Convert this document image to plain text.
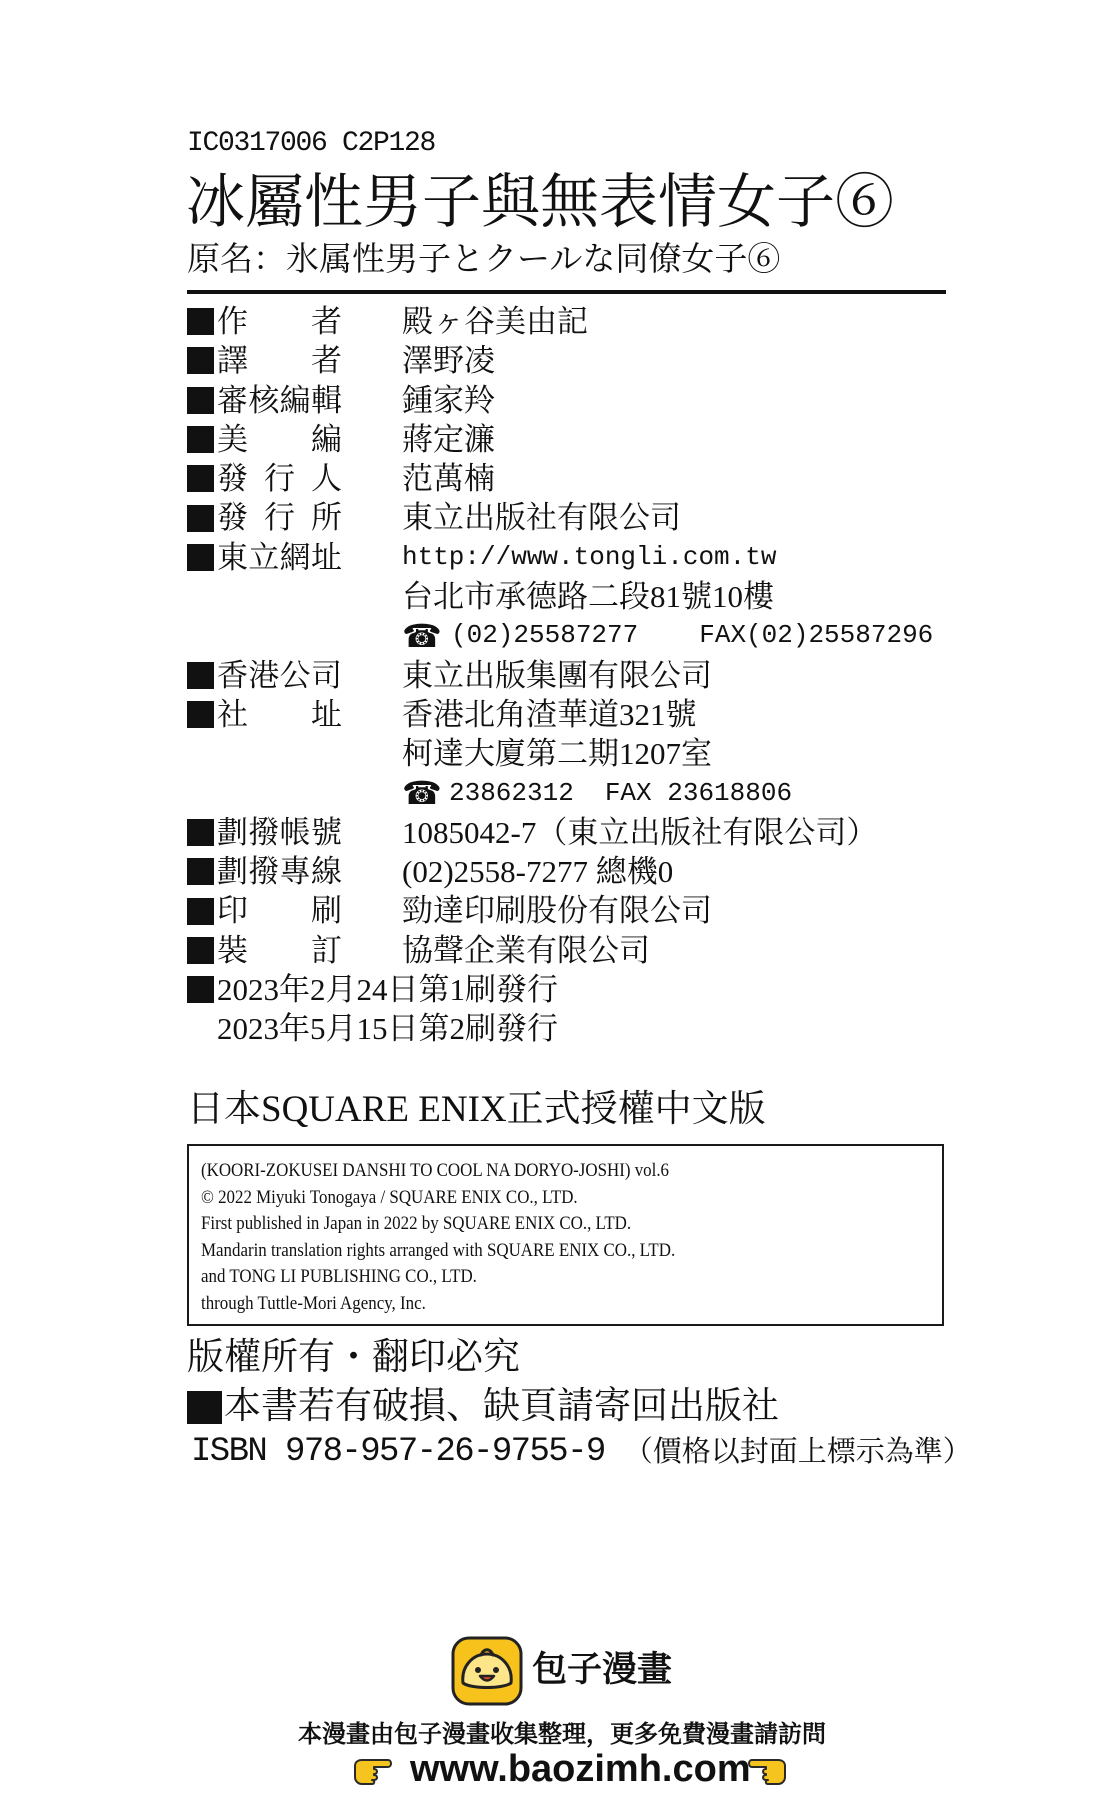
IC0317006 C2P128
冰屬性男子與無表情女子⑥
原名：氷属性男子とクールな同僚女子⑥
作　　者 殿ヶ谷美由記
譯　　者 澤野凌
審核編輯 鍾家羚
美　　編 蔣定濂
發 行 人 范萬楠
發 行 所 東立出版社有限公司
東立網址 http://www.tongli.com.tw
台北市承德路二段81號10樓
☎
(02)25587277 FAX(02)25587296
香港公司 東立出版集團有限公司
社　　址 香港北角渣華道321號
柯達大廈第二期1207室
☎
23862312 FAX 23618806
劃撥帳號 1085042-7（東立出版社有限公司）
劃撥專線 (02)2558-7277 總機0
印　　刷 勁達印刷股份有限公司
裝　　訂 協聲企業有限公司
2023年2月24日第1刷發行
2023年5月15日第2刷發行
日本SQUARE ENIX正式授權中文版
(KOORI-ZOKUSEI DANSHI TO COOL NA DORYO-JOSHI) vol.6
© 2022 Miyuki Tonogaya / SQUARE ENIX CO., LTD.
First published in Japan in 2022 by SQUARE ENIX CO., LTD.
Mandarin translation rights arranged with SQUARE ENIX CO., LTD.
and TONG LI PUBLISHING CO., LTD.
through Tuttle-Mori Agency, Inc.
版權所有・翻印必究
本書若有破損、缺頁請寄回出版社
ISBN 978-957-26-9755-9 （價格以封面上標示為準）
包子漫畫
本漫畫由包子漫畫收集整理，更多免費漫畫請訪問
www.baozimh.com
